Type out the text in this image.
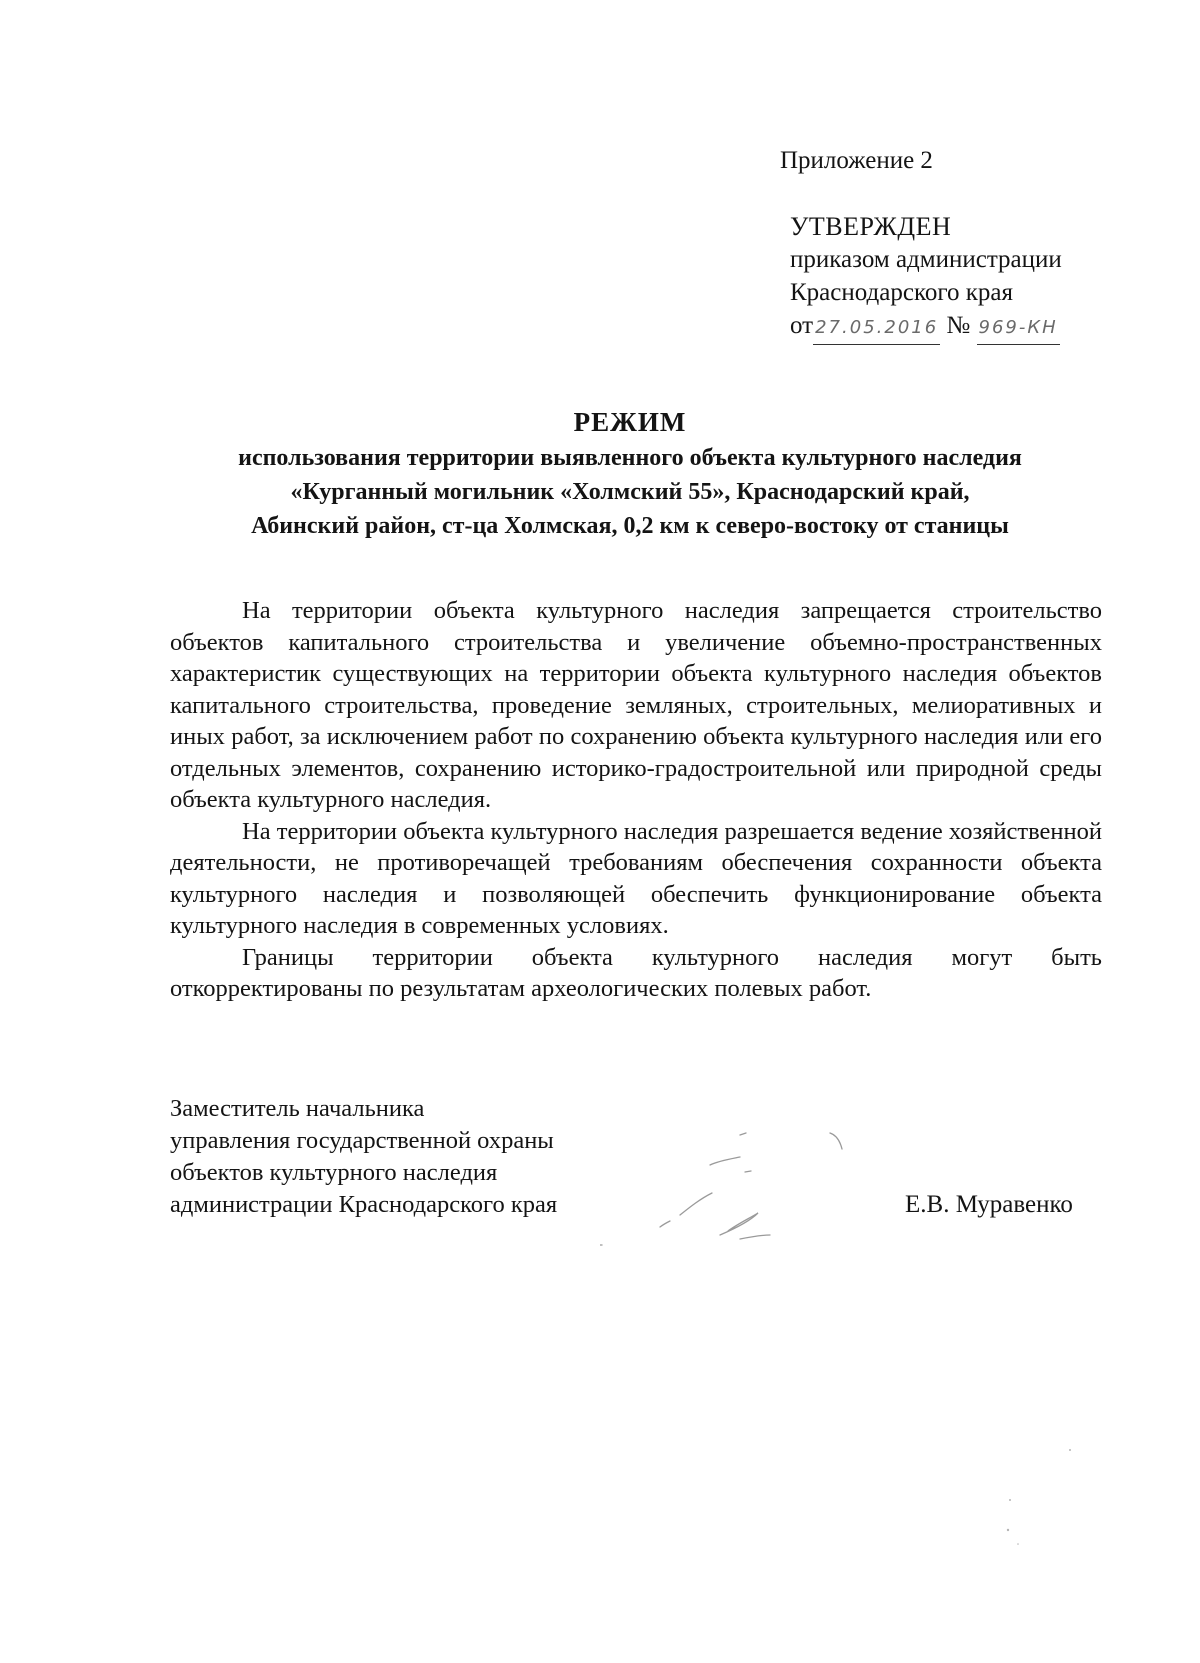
Приложение 2
УТВЕРЖДЕН
приказом администрации
Краснодарского края
от 27.05.2016 № 969-КН
РЕЖИМ
использования территории выявленного объекта культурного наследия
«Курганный могильник «Холмский 55», Краснодарский край,
Абинский район, ст-ца Холмская, 0,2 км к северо-востоку от станицы

На территории объекта культурного наследия запрещается строительство объектов капитального строительства и увеличение объемно-пространственных характеристик существующих на территории объекта культурного наследия объектов капитального строительства, проведение земляных, строительных, мелиоративных и иных работ, за исключением работ по сохранению объекта культурного наследия или его отдельных элементов, сохранению историко-градостроительной или природной среды объекта культурного наследия.

На территории объекта культурного наследия разрешается ведение хозяйственной деятельности, не противоречащей требованиям обеспечения сохранности объекта культурного наследия и позволяющей обеспечить функционирование объекта культурного наследия в современных условиях.

Границы территории объекта культурного наследия могут быть откорректированы по результатам археологических полевых работ.

Заместитель начальника
управления государственной охраны
объектов культурного наследия
администрации Краснодарского края	Е.В. Муравенко
